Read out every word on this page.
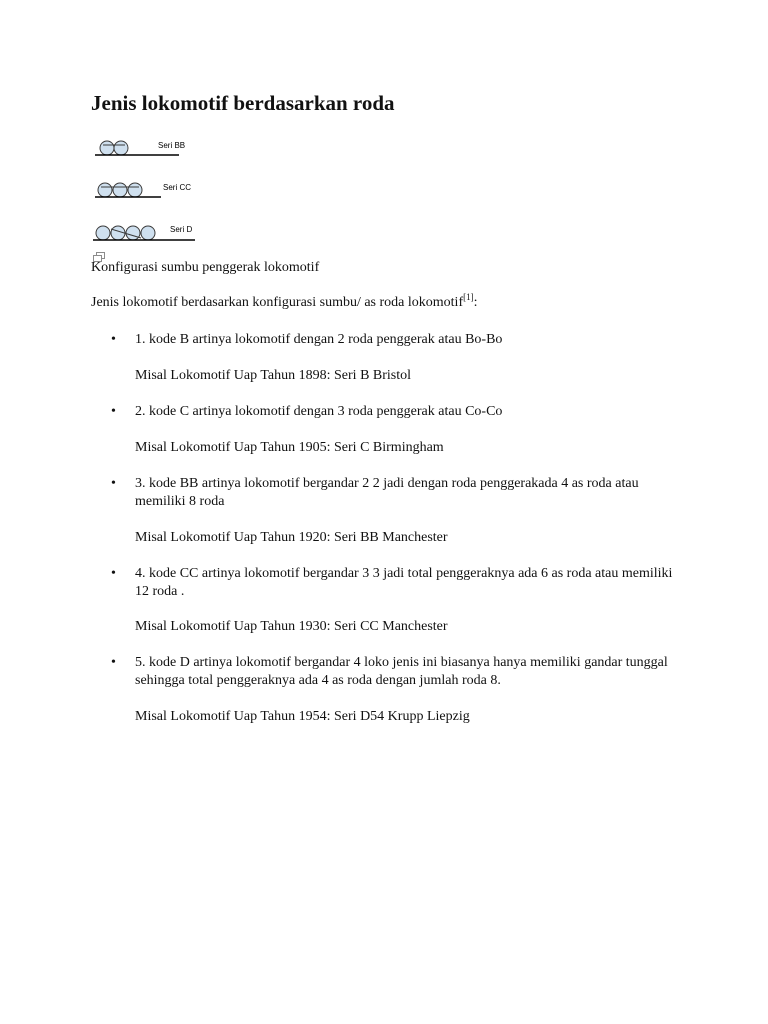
Jenis lokomotif berdasarkan roda
Seri BB
Seri CC
Seri D
Konfigurasi sumbu penggerak lokomotif
Jenis lokomotif berdasarkan konfigurasi sumbu/ as roda lokomotif[1]:
• 1. kode B artinya lokomotif dengan 2 roda penggerak atau Bo-Bo
Misal Lokomotif Uap Tahun 1898: Seri B Bristol
• 2. kode C artinya lokomotif dengan 3 roda penggerak atau Co-Co
Misal Lokomotif Uap Tahun 1905: Seri C Birmingham
• 3. kode BB artinya lokomotif bergandar 2 2 jadi dengan roda penggerakada 4 as roda atau memiliki 8 roda
Misal Lokomotif Uap Tahun 1920: Seri BB Manchester
• 4. kode CC artinya lokomotif bergandar 3 3 jadi total penggeraknya ada 6 as roda atau memiliki 12 roda .
Misal Lokomotif Uap Tahun 1930: Seri CC Manchester
• 5. kode D artinya lokomotif bergandar 4 loko jenis ini biasanya hanya memiliki gandar tunggal sehingga total penggeraknya ada 4 as roda dengan jumlah roda 8.
Misal Lokomotif Uap Tahun 1954: Seri D54 Krupp Liepzig
